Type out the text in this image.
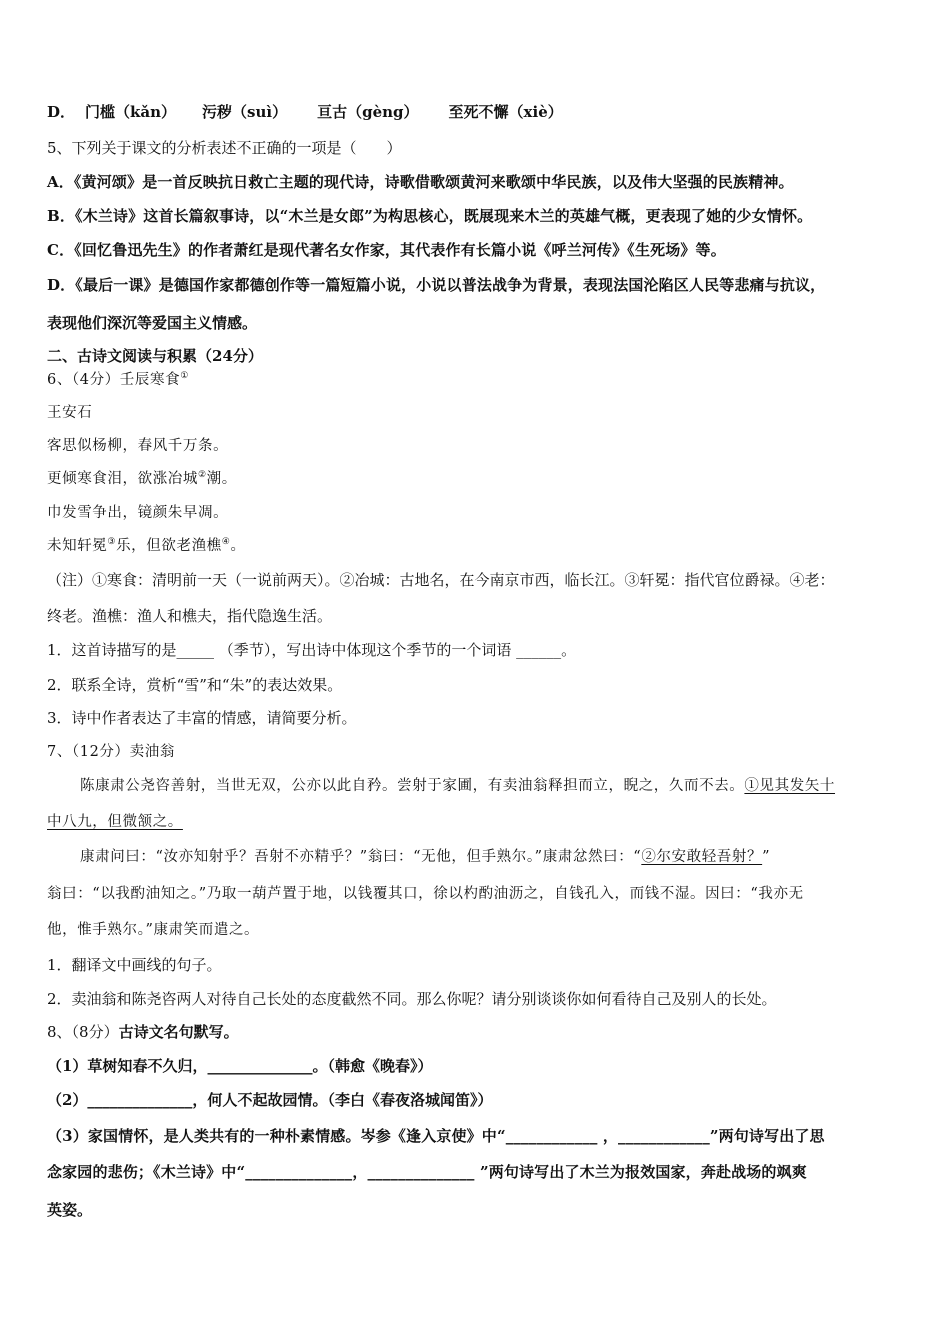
D． 门槛（kǎn） 污秽（suì） 亘古（gèng） 至死不懈（xiè）
5、下列关于课文的分析表述不正确的一项是（　　）
A．《黄河颂》是一首反映抗日救亡主题的现代诗，诗歌借歌颂黄河来歌颂中华民族，以及伟大坚强的民族精神。
B．《木兰诗》这首长篇叙事诗，以“木兰是女郎”为构思核心，既展现来木兰的英雄气概，更表现了她的少女情怀。
C．《回忆鲁迅先生》的作者萧红是现代著名女作家，其代表作有长篇小说《呼兰河传》《生死场》等。
D．《最后一课》是德国作家都德创作等一篇短篇小说，小说以普法战争为背景，表现法国沦陷区人民等悲痛与抗议，
表现他们深沉等爱国主义情感。
二、古诗文阅读与积累（24分）
6、（4分）壬辰寒食①
王安石
客思似杨柳，春风千万条。
更倾寒食泪，欲涨冶城②潮。
巾发雪争出，镜颜朱早凋。
未知轩冕③乐，但欲老渔樵④。
（注）①寒食：清明前一天（一说前两天）。②冶城：古地名，在今南京市西，临长江。③轩冕：指代官位爵禄。④老：
终老。渔樵：渔人和樵夫，指代隐逸生活。
1．这首诗描写的是_____ （季节），写出诗中体现这个季节的一个词语 ______。
2．联系全诗，赏析“雪”和“朱”的表达效果。
3．诗中作者表达了丰富的情感，请简要分析。
7、（12分）卖油翁
陈康肃公尧咨善射，当世无双，公亦以此自矜。尝射于家圃，有卖油翁释担而立，睨之，久而不去。①见其发矢十
中八九，但微颔之。
康肃问曰：“汝亦知射乎？吾射不亦精乎？”翁曰：“无他，但手熟尔。”康肃忿然曰：“②尔安敢轻吾射？”
翁曰：“以我酌油知之。”乃取一葫芦置于地，以钱覆其口，徐以杓酌油沥之，自钱孔入，而钱不湿。因曰：“我亦无
他，惟手熟尔。”康肃笑而遣之。
1．翻译文中画线的句子。
2．卖油翁和陈尧咨两人对待自己长处的态度截然不同。那么你呢？请分别谈谈你如何看待自己及别人的长处。
8、（8分）古诗文名句默写。
（1）草树知春不久归，______________。（韩愈《晚春》）
（2）______________，何人不起故园情。（李白《春夜洛城闻笛》）
（3）家国情怀，是人类共有的一种朴素情感。岑参《逢入京使》中“____________ ，____________”两句诗写出了思
念家园的悲伤；《木兰诗》中“______________，______________ ”两句诗写出了木兰为报效国家，奔赴战场的飒爽
英姿。
